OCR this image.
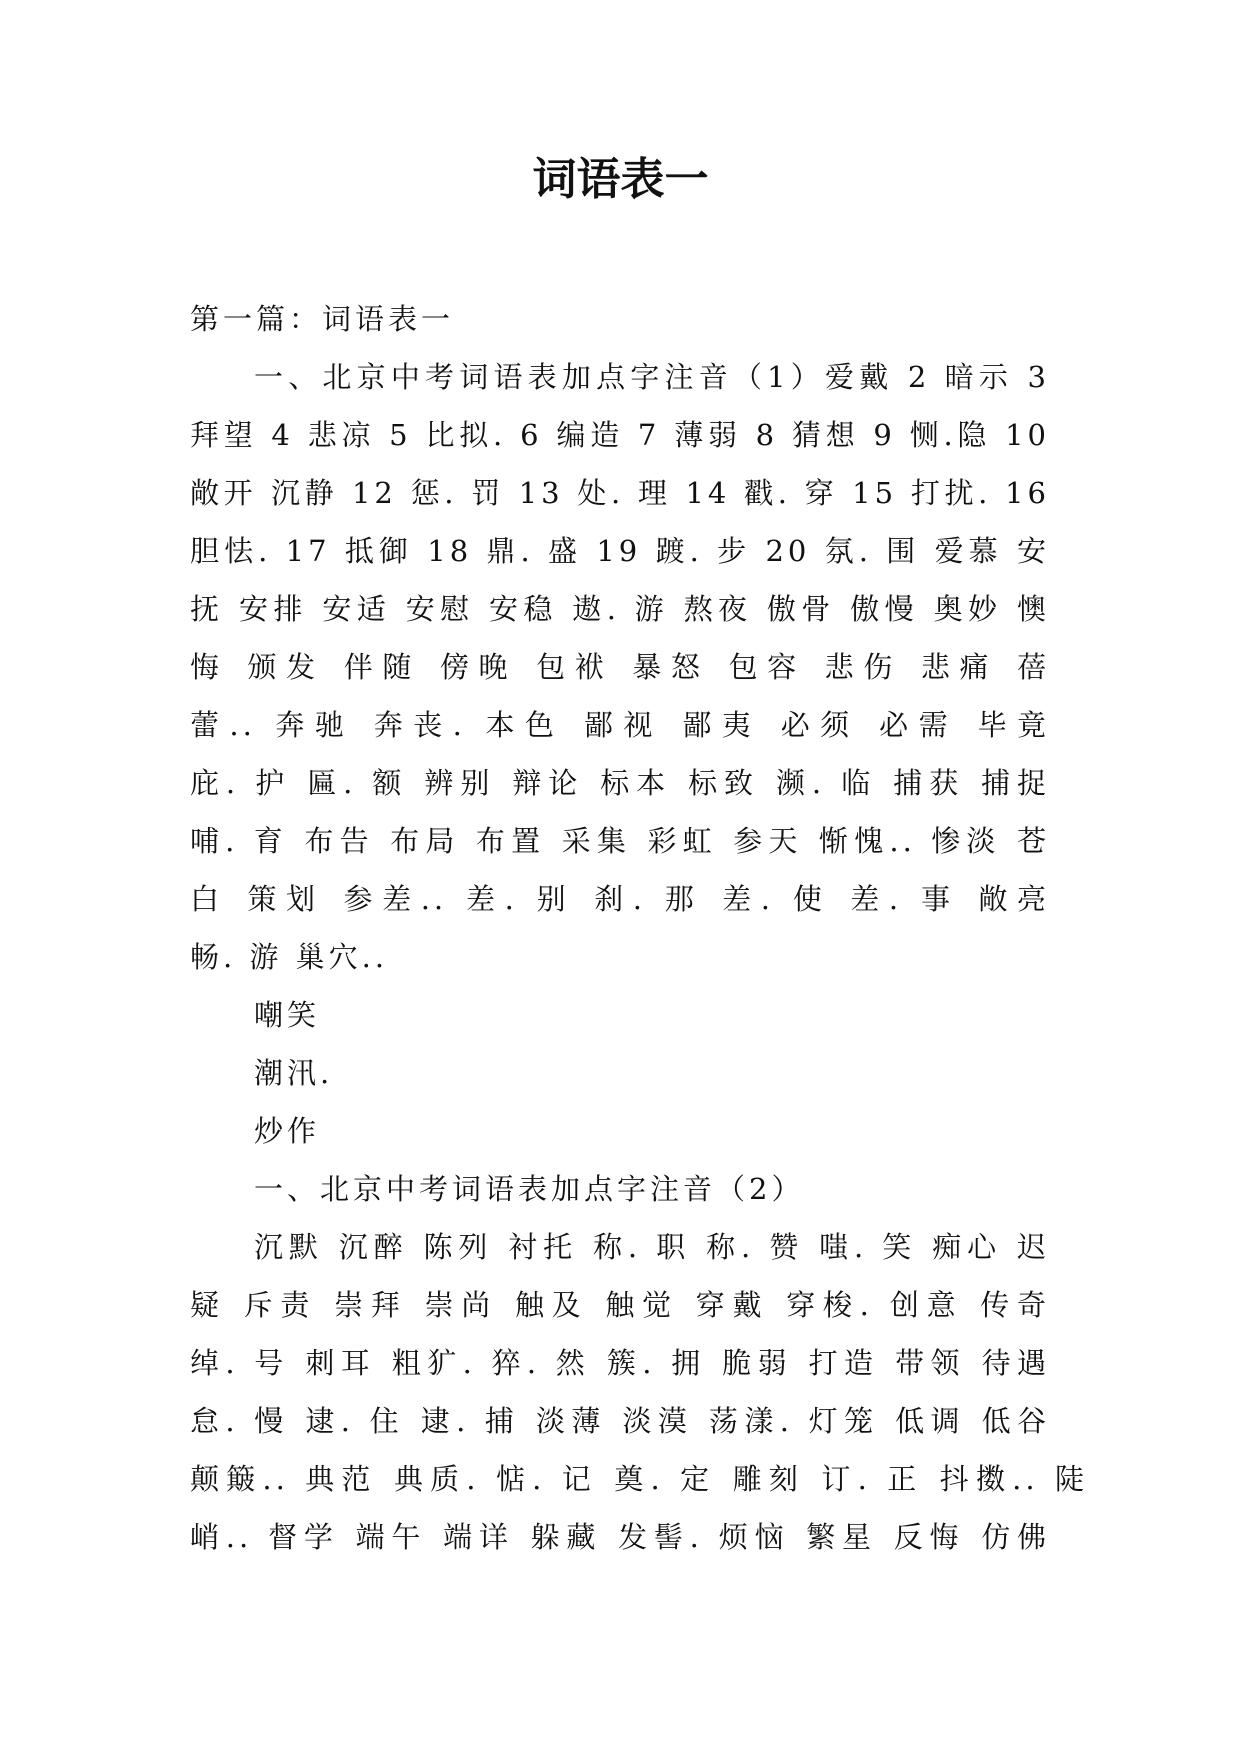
词语表一
第一篇：词语表一
一、北京中考词语表加点字注音（1）爱戴 2 暗示 3
拜望 4 悲凉 5 比拟. 6 编造 7 薄弱 8 猜想 9 恻.隐 10
敞开 沉静 12 惩. 罚 13 处. 理 14 戳. 穿 15 打扰. 16
胆怯. 17 抵御 18 鼎. 盛 19 踱. 步 20 氛. 围 爱慕 安
抚 安排 安适 安慰 安稳 遨. 游 熬夜 傲骨 傲慢 奥妙 懊
悔 颁发 伴随 傍晚 包袱 暴怒 包容 悲伤 悲痛 蓓
蕾.. 奔驰 奔丧. 本色 鄙视 鄙夷 必须 必需 毕竟
庇. 护 匾. 额 辨别 辩论 标本 标致 濒. 临 捕获 捕捉
哺. 育 布告 布局 布置 采集 彩虹 参天 惭愧.. 惨淡 苍
白 策划 参差.. 差. 别 刹. 那 差. 使 差. 事 敞亮
畅. 游 巢穴..
嘲笑
潮汛.
炒作
一、北京中考词语表加点字注音（2）
沉默 沉醉 陈列 衬托 称. 职 称. 赞 嗤. 笑 痴心 迟
疑 斥责 崇拜 崇尚 触及 触觉 穿戴 穿梭. 创意 传奇
绰. 号 刺耳 粗犷. 猝. 然 簇. 拥 脆弱 打造 带领 待遇
怠. 慢 逮. 住 逮. 捕 淡薄 淡漠 荡漾. 灯笼 低调 低谷
颠簸.. 典范 典质. 惦. 记 奠. 定 雕刻 订. 正 抖擞.. 陡
峭.. 督学 端午 端详 躲藏 发髻. 烦恼 繁星 反悔 仿佛
